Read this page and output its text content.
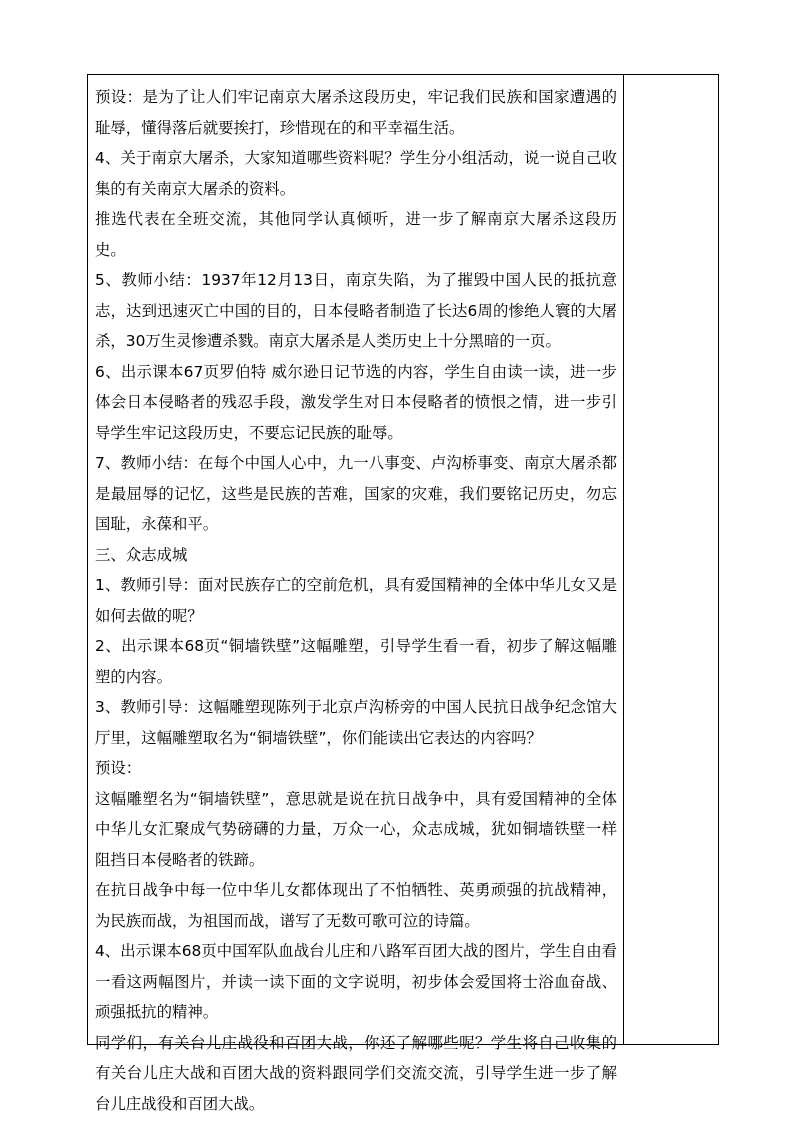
预设：是为了让人们牢记南京大屠杀这段历史，牢记我们民族和国家遭遇的耻辱，懂得落后就要挨打，珍惜现在的和平幸福生活。

4、关于南京大屠杀，大家知道哪些资料呢？学生分小组活动，说一说自己收集的有关南京大屠杀的资料。

推选代表在全班交流，其他同学认真倾听，进一步了解南京大屠杀这段历史。

5、教师小结：1937年12月13日，南京失陷，为了摧毁中国人民的抵抗意志，达到迅速灭亡中国的目的，日本侵略者制造了长达6周的惨绝人寰的大屠杀，30万生灵惨遭杀戮。南京大屠杀是人类历史上十分黑暗的一页。

6、出示课本67页罗伯特 威尔逊日记节选的内容，学生自由读一读，进一步体会日本侵略者的残忍手段，激发学生对日本侵略者的愤恨之情，进一步引导学生牢记这段历史，不要忘记民族的耻辱。

7、教师小结：在每个中国人心中，九一八事变、卢沟桥事变、南京大屠杀都是最屈辱的记忆，这些是民族的苦难，国家的灾难，我们要铭记历史，勿忘国耻，永葆和平。

三、众志成城

1、教师引导：面对民族存亡的空前危机，具有爱国精神的全体中华儿女又是如何去做的呢？

2、出示课本68页“铜墙铁壁”这幅雕塑，引导学生看一看，初步了解这幅雕塑的内容。

3、教师引导：这幅雕塑现陈列于北京卢沟桥旁的中国人民抗日战争纪念馆大厅里，这幅雕塑取名为“铜墙铁壁”，你们能读出它表达的内容吗？

预设：

这幅雕塑名为“铜墙铁壁”，意思就是说在抗日战争中，具有爱国精神的全体中华儿女汇聚成气势磅礴的力量，万众一心，众志成城，犹如铜墙铁壁一样阻挡日本侵略者的铁蹄。

在抗日战争中每一位中华儿女都体现出了不怕牺牲、英勇顽强的抗战精神，为民族而战，为祖国而战，谱写了无数可歌可泣的诗篇。

4、出示课本68页中国军队血战台儿庄和八路军百团大战的图片，学生自由看一看这两幅图片，并读一读下面的文字说明，初步体会爱国将士浴血奋战、顽强抵抗的精神。

同学们，有关台儿庄战役和百团大战，你还了解哪些呢？学生将自己收集的有关台儿庄大战和百团大战的资料跟同学们交流交流，引导学生进一步了解台儿庄战役和百团大战。
